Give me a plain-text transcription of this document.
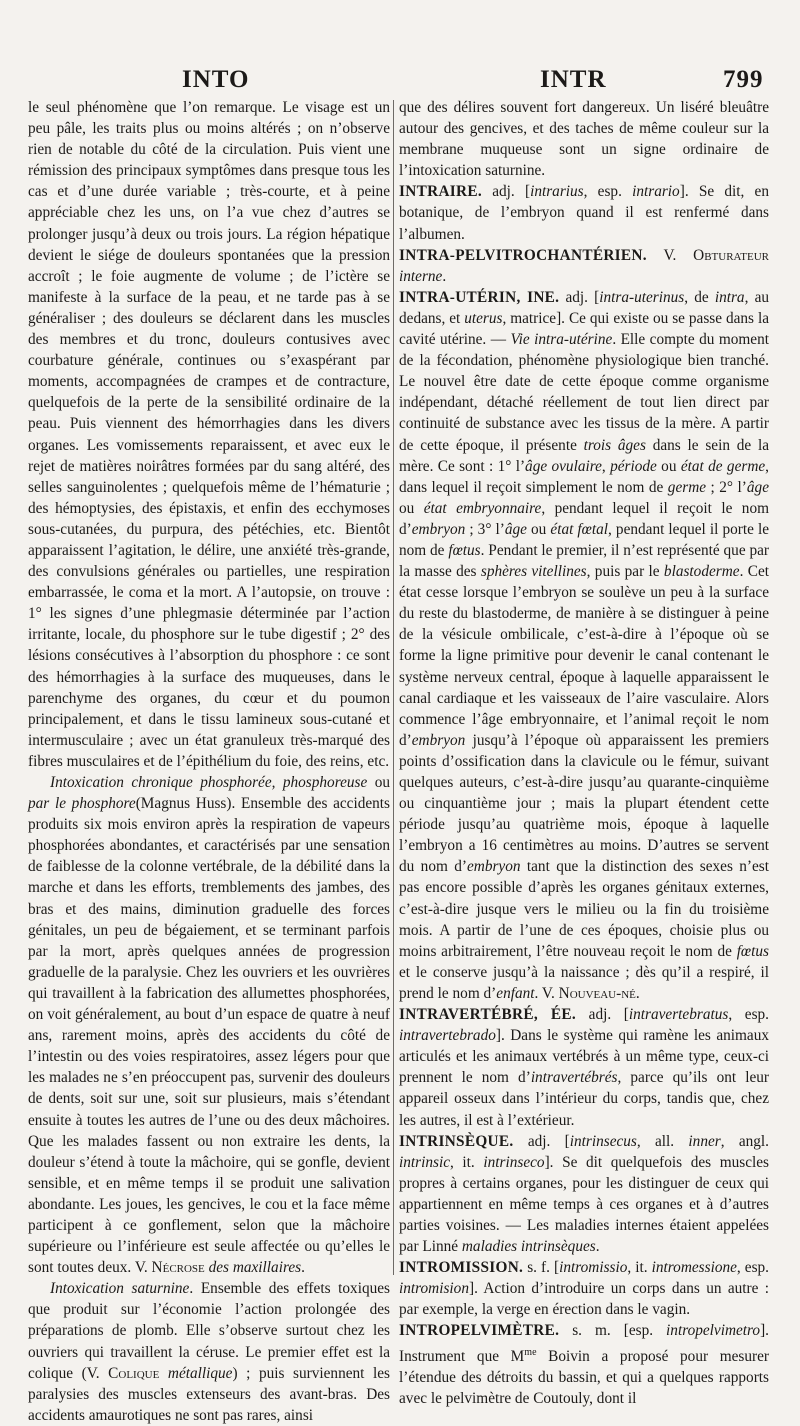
INTO	INTR	799

le seul phénomène que l’on remarque. Le visage est un peu pâle, les traits plus ou moins altérés ; on n’observe rien de notable du côté de la circulation. Puis vient une rémission des principaux symptômes dans presque tous les cas et d’une durée variable ; très-courte, et à peine appréciable chez les uns, on l’a vue chez d’autres se prolonger jusqu’à deux ou trois jours. La région hépatique devient le siége de douleurs spontanées que la pression accroît ; le foie augmente de volume ; de l’ictère se manifeste à la surface de la peau, et ne tarde pas à se généraliser ; des douleurs se déclarent dans les muscles des membres et du tronc, douleurs contusives avec courbature générale, continues ou s’exaspérant par moments, accompagnées de crampes et de contracture, quelquefois de la perte de la sensibilité ordinaire de la peau. Puis viennent des hémorrhagies dans les divers organes. Les vomissements reparaissent, et avec eux le rejet de matières noirâtres formées par du sang altéré, des selles sanguinolentes ; quelquefois même de l’hématurie ; des hémoptysies, des épistaxis, et enfin des ecchymoses sous-cutanées, du purpura, des pétéchies, etc. Bientôt apparaissent l’agitation, le délire, une anxiété très-grande, des convulsions générales ou partielles, une respiration embarrassée, le coma et la mort. A l’autopsie, on trouve : 1° les signes d’une phlegmasie déterminée par l’action irritante, locale, du phosphore sur le tube digestif ; 2° des lésions consécutives à l’absorption du phosphore : ce sont des hémorrhagies à la surface des muqueuses, dans le parenchyme des organes, du cœur et du poumon principalement, et dans le tissu lamineux sous-cutané et intermusculaire ; avec un état granuleux très-marqué des fibres musculaires et de l’épithélium du foie, des reins, etc.

Intoxication chronique phosphorée, phosphoreuse ou par le phosphore(Magnus Huss). Ensemble des accidents produits six mois environ après la respiration de vapeurs phosphorées abondantes, et caractérisés par une sensation de faiblesse de la colonne vertébrale, de la débilité dans la marche et dans les efforts, tremblements des jambes, des bras et des mains, diminution graduelle des forces génitales, un peu de bégaiement, et se terminant parfois par la mort, après quelques années de progression graduelle de la paralysie. Chez les ouvriers et les ouvrières qui travaillent à la fabrication des allumettes phosphorées, on voit généralement, au bout d’un espace de quatre à neuf ans, rarement moins, après des accidents du côté de l’intestin ou des voies respiratoires, assez légers pour que les malades ne s’en préoccupent pas, survenir des douleurs de dents, soit sur une, soit sur plusieurs, mais s’étendant ensuite à toutes les autres de l’une ou des deux mâchoires. Que les malades fassent ou non extraire les dents, la douleur s’étend à toute la mâchoire, qui se gonfle, devient sensible, et en même temps il se produit une salivation abondante. Les joues, les gencives, le cou et la face même participent à ce gonflement, selon que la mâchoire supérieure ou l’inférieure est seule affectée ou qu’elles le sont toutes deux. V. Nécrose des maxillaires.

Intoxication saturnine. Ensemble des effets toxiques que produit sur l’économie l’action prolongée des préparations de plomb. Elle s’observe surtout chez les ouvriers qui travaillent la céruse. Le premier effet est la colique (V. Colique métallique) ; puis surviennent les paralysies des muscles extenseurs des avant-bras. Des accidents amaurotiques ne sont pas rares, ainsi

que des délires souvent fort dangereux. Un liséré bleuâtre autour des gencives, et des taches de même couleur sur la membrane muqueuse sont un signe ordinaire de l’intoxication saturnine.

INTRAIRE. adj. [intrarius, esp. intrario]. Se dit, en botanique, de l’embryon quand il est renfermé dans l’albumen.

INTRA-PELVITROCHANTÉRIEN. V. Obturateur interne.

INTRA-UTÉRIN, INE. adj. [intra-uterinus, de intra, au dedans, et uterus, matrice]. Ce qui existe ou se passe dans la cavité utérine. — Vie intra-utérine. Elle compte du moment de la fécondation, phénomène physiologique bien tranché. Le nouvel être date de cette époque comme organisme indépendant, détaché réellement de tout lien direct par continuité de substance avec les tissus de la mère. A partir de cette époque, il présente trois âges dans le sein de la mère. Ce sont : 1° l’âge ovulaire, période ou état de germe, dans lequel il reçoit simplement le nom de germe ; 2° l’âge ou état embryonnaire, pendant lequel il reçoit le nom d’embryon ; 3° l’âge ou état fœtal, pendant lequel il porte le nom de fœtus. Pendant le premier, il n’est représenté que par la masse des sphères vitellines, puis par le blastoderme. Cet état cesse lorsque l’embryon se soulève un peu à la surface du reste du blastoderme, de manière à se distinguer à peine de la vésicule ombilicale, c’est-à-dire à l’époque où se forme la ligne primitive pour devenir le canal contenant le système nerveux central, époque à laquelle apparaissent le canal cardiaque et les vaisseaux de l’aire vasculaire. Alors commence l’âge embryonnaire, et l’animal reçoit le nom d’embryon jusqu’à l’époque où apparaissent les premiers points d’ossification dans la clavicule ou le fémur, suivant quelques auteurs, c’est-à-dire jusqu’au quarante-cinquième ou cinquantième jour ; mais la plupart étendent cette période jusqu’au quatrième mois, époque à laquelle l’embryon a 16 centimètres au moins. D’autres se servent du nom d’embryon tant que la distinction des sexes n’est pas encore possible d’après les organes génitaux externes, c’est-à-dire jusque vers le milieu ou la fin du troisième mois. A partir de l’une de ces époques, choisie plus ou moins arbitrairement, l’être nouveau reçoit le nom de fœtus et le conserve jusqu’à la naissance ; dès qu’il a respiré, il prend le nom d’enfant. V. Nouveau-né.

INTRAVERTÉBRÉ, ÉE. adj. [intravertebratus, esp. intravertebrado]. Dans le système qui ramène les animaux articulés et les animaux vertébrés à un même type, ceux-ci prennent le nom d’intravertébrés, parce qu’ils ont leur appareil osseux dans l’intérieur du corps, tandis que, chez les autres, il est à l’extérieur.

INTRINSÈQUE. adj. [intrinsecus, all. inner, angl. intrinsic, it. intrinseco]. Se dit quelquefois des muscles propres à certains organes, pour les distinguer de ceux qui appartiennent en même temps à ces organes et à d’autres parties voisines. — Les maladies internes étaient appelées par Linné maladies intrinsèques.

INTROMISSION. s. f. [intromissio, it. intromessione, esp. intromision]. Action d’introduire un corps dans un autre : par exemple, la verge en érection dans le vagin.

INTROPELVIMÈTRE. s. m. [esp. intropelvimetro]. Instrument que $M^{me}$ Boivin a proposé pour mesurer l’étendue des détroits du bassin, et qui a quelques rapports avec le pelvimètre de Coutouly, dont il
